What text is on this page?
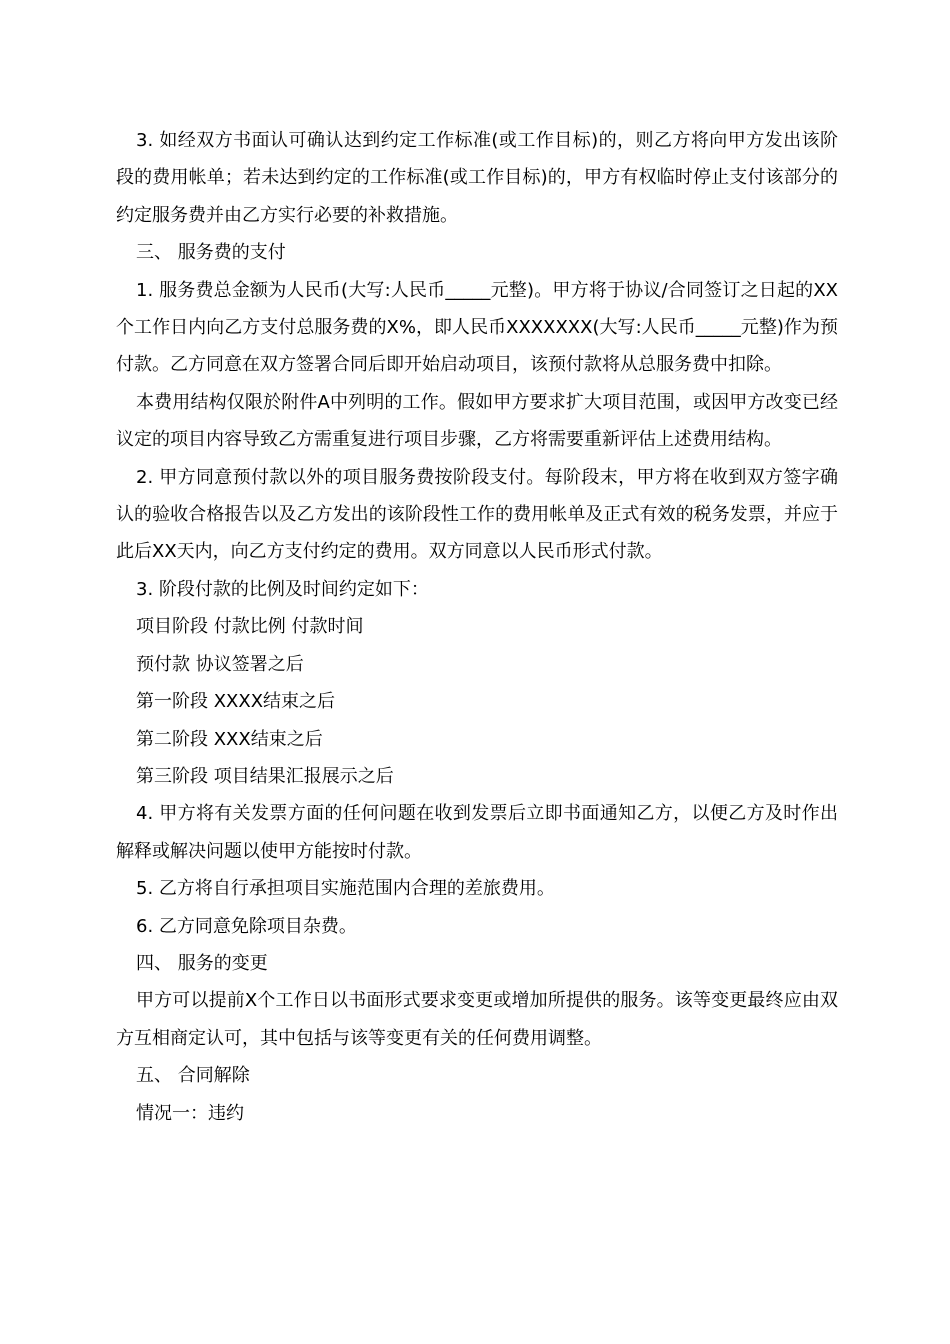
3. 如经双方书面认可确认达到约定工作标准(或工作目标)的，则乙方将向甲方发出该阶段的费用帐单；若未达到约定的工作标准(或工作目标)的，甲方有权临时停止支付该部分的约定服务费并由乙方实行必要的补救措施。

三、 服务费的支付

1. 服务费总金额为人民币(大写:人民币_____元整)。甲方将于协议/合同签订之日起的XX个工作日内向乙方支付总服务费的X%，即人民币XXXXXXX(大写:人民币_____元整)作为预付款。乙方同意在双方签署合同后即开始启动项目，该预付款将从总服务费中扣除。

本费用结构仅限於附件A中列明的工作。假如甲方要求扩大项目范围，或因甲方改变已经议定的项目内容导致乙方需重复进行项目步骤，乙方将需要重新评估上述费用结构。

2. 甲方同意预付款以外的项目服务费按阶段支付。每阶段末，甲方将在收到双方签字确认的验收合格报告以及乙方发出的该阶段性工作的费用帐单及正式有效的税务发票，并应于此后XX天内，向乙方支付约定的费用。双方同意以人民币形式付款。

3. 阶段付款的比例及时间约定如下：

项目阶段 付款比例 付款时间

预付款 协议签署之后

第一阶段 XXXX结束之后

第二阶段 XXX结束之后

第三阶段 项目结果汇报展示之后

4. 甲方将有关发票方面的任何问题在收到发票后立即书面通知乙方，以便乙方及时作出解释或解决问题以使甲方能按时付款。

5. 乙方将自行承担项目实施范围内合理的差旅费用。

6. 乙方同意免除项目杂费。

四、 服务的变更

甲方可以提前X个工作日以书面形式要求变更或增加所提供的服务。该等变更最终应由双方互相商定认可，其中包括与该等变更有关的任何费用调整。

五、 合同解除

情况一：违约
